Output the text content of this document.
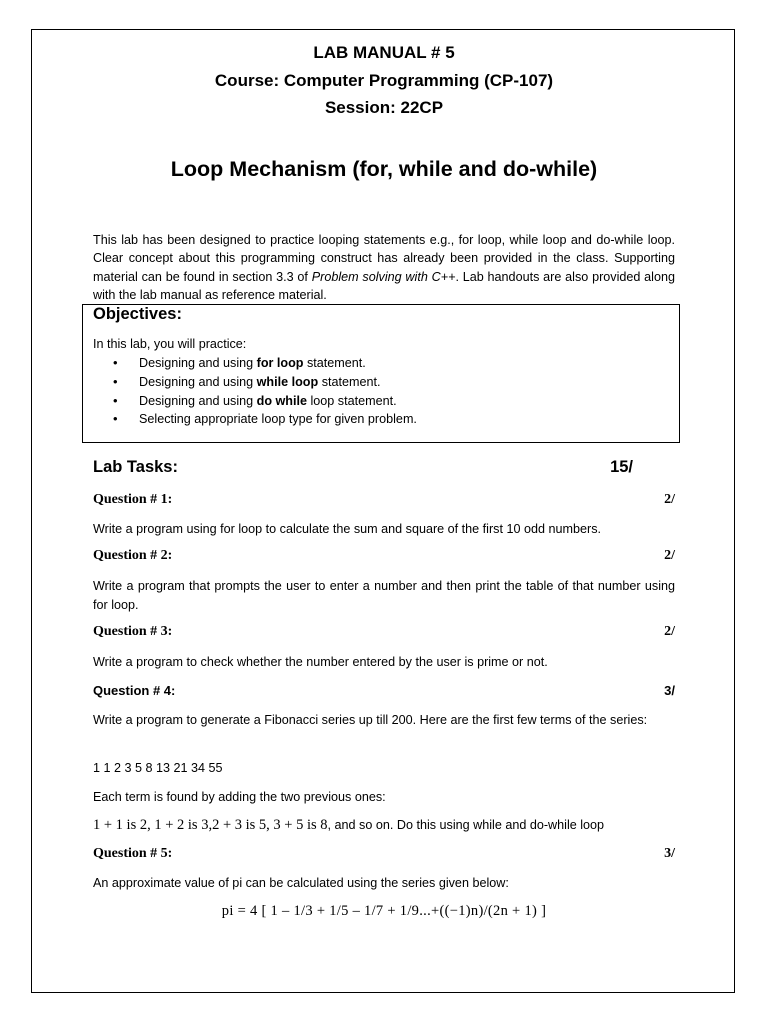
LAB MANUAL # 5
Course: Computer Programming (CP-107)
Session: 22CP
Loop Mechanism (for, while and do-while)
This lab has been designed to practice looping statements e.g., for loop, while loop and do-while loop. Clear concept about this programming construct has already been provided in the class. Supporting material can be found in section 3.3 of Problem solving with C++. Lab handouts are also provided along with the lab manual as reference material.
Objectives:
In this lab, you will practice:
• Designing and using for loop statement.
• Designing and using while loop statement.
• Designing and using do while loop statement.
• Selecting appropriate loop type for given problem.
Lab Tasks:	15/
Question # 1:	2/
Write a program using for loop to calculate the sum and square of the first 10 odd numbers.
Question # 2:	2/
Write a program that prompts the user to enter a number and then print the table of that number using for loop.
Question # 3:	2/
Write a program to check whether the number entered by the user is prime or not.
Question # 4:	3/
Write a program to generate a Fibonacci series up till 200. Here are the first few terms of the series:
1 1 2 3 5 8 13 21 34 55
Each term is found by adding the two previous ones:
1 + 1 is 2, 1 + 2 is 3,2 + 3 is 5, 3 + 5 is 8, and so on. Do this using while and do-while loop
Question # 5:	3/
An approximate value of pi can be calculated using the series given below:
pi = 4 [ 1 – 1/3 + 1/5 – 1/7 + 1/9...+((−1)n)/(2n + 1) ]
